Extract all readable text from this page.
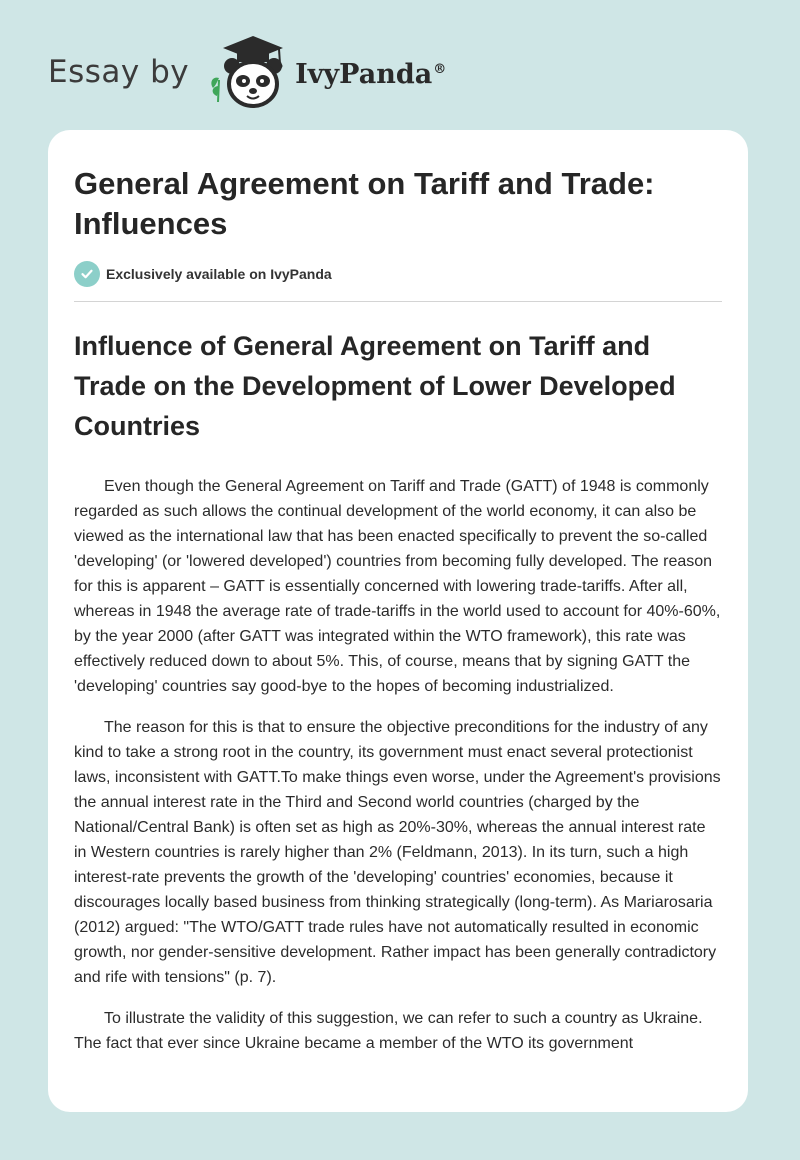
Essay by	IvyPanda®
General Agreement on Tariff and Trade: Influences
Exclusively available on IvyPanda
Influence of General Agreement on Tariff and Trade on the Development of Lower Developed Countries

Even though the General Agreement on Tariff and Trade (GATT) of 1948 is commonly regarded as such allows the continual development of the world economy, it can also be viewed as the international law that has been enacted specifically to prevent the so-called 'developing' (or 'lowered developed') countries from becoming fully developed. The reason for this is apparent – GATT is essentially concerned with lowering trade-tariffs. After all, whereas in 1948 the average rate of trade-tariffs in the world used to account for 40%-60%, by the year 2000 (after GATT was integrated within the WTO framework), this rate was effectively reduced down to about 5%. This, of course, means that by signing GATT the 'developing' countries say good-bye to the hopes of becoming industrialized.

The reason for this is that to ensure the objective preconditions for the industry of any kind to take a strong root in the country, its government must enact several protectionist laws, inconsistent with GATT.To make things even worse, under the Agreement's provisions the annual interest rate in the Third and Second world countries (charged by the National/Central Bank) is often set as high as 20%-30%, whereas the annual interest rate in Western countries is rarely higher than 2% (Feldmann, 2013). In its turn, such a high interest-rate prevents the growth of the 'developing' countries' economies, because it discourages locally based business from thinking strategically (long-term). As Mariarosaria (2012) argued: "The WTO/GATT trade rules have not automatically resulted in economic growth, nor gender-sensitive development. Rather impact has been generally contradictory and rife with tensions" (p. 7).

To illustrate the validity of this suggestion, we can refer to such a country as Ukraine. The fact that ever since Ukraine became a member of the WTO its government
